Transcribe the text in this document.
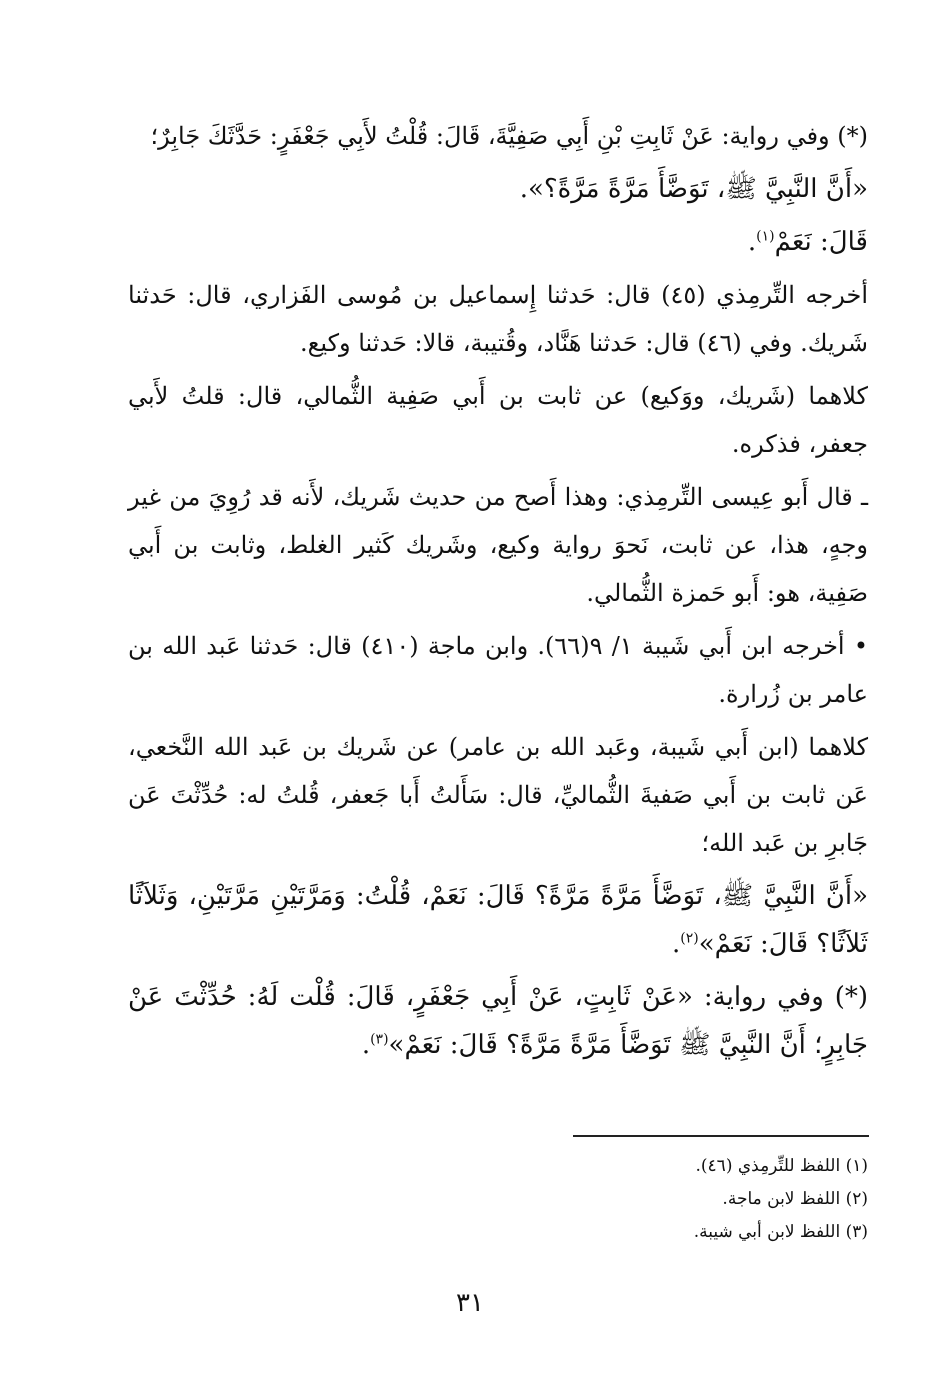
(*) وفي رواية: عَنْ ثَابِتِ بْنِ أَبِي صَفِيَّةَ، قَالَ: قُلْتُ لأَبِي جَعْفَرٍ: حَدَّثَكَ جَابِرٌ؛

«أَنَّ النَّبِيَّ ﷺ، تَوَضَّأَ مَرَّةً مَرَّةً؟».

قَالَ: نَعَمْ$^{(١)}$.

أخرجه التِّرمِذي (٤٥) قال: حَدثنا إِسماعيل بن مُوسى الفَزاري، قال: حَدثنا شَريك. وفي (٤٦) قال: حَدثنا هَنَّاد، وقُتيبة، قالا: حَدثنا وكيع.

كلاهما (شَريك، ووَكيع) عن ثابت بن أَبي صَفِية الثُّمالي، قال: قلتُ لأَبي جعفر، فذكره.

ـ قال أَبو عِيسى التِّرمِذي: وهذا أَصح من حديث شَريك، لأَنه قد رُوِيَ من غير وجهٍ، هذا، عن ثابت، نَحوَ رواية وكيع، وشَريك كَثير الغلط، وثابت بن أَبي صَفِية، هو: أَبو حَمزة الثُّمالي.

• أخرجه ابن أَبي شَيبة ١/ ٩(٦٦). وابن ماجة (٤١٠) قال: حَدثنا عَبد الله بن عامر بن زُرارة.

كلاهما (ابن أَبي شَيبة، وعَبد الله بن عامر) عن شَريك بن عَبد الله النَّخعي، عَن ثابت بن أَبي صَفيةَ الثُّماليِّ، قال: سَأَلتُ أَبا جَعفر، قُلتُ له: حُدِّثْتَ عَن جَابرِ بن عَبد الله؛

«أَنَّ النَّبِيَّ ﷺ، تَوَضَّأَ مَرَّةً مَرَّةً؟ قَالَ: نَعَمْ، قُلْتُ: وَمَرَّتَيْنِ مَرَّتَيْنِ، وَثَلاَثًا ثَلاَثًا؟ قَالَ: نَعَمْ»$^{(٢)}$.

(*) وفي رواية: «عَنْ ثَابِتٍ، عَنْ أَبِي جَعْفَرٍ، قَالَ: قُلْت لَهُ: حُدِّثْتَ عَنْ جَابِرٍ؛ أَنَّ النَّبِيَّ ﷺ تَوَضَّأَ مَرَّةً مَرَّةً؟ قَالَ: نَعَمْ»$^{(٣)}$.

(١) اللفظ للتِّرمِذي (٤٦).
(٢) اللفظ لابن ماجة.
(٣) اللفظ لابن أبي شيبة.
٣١
